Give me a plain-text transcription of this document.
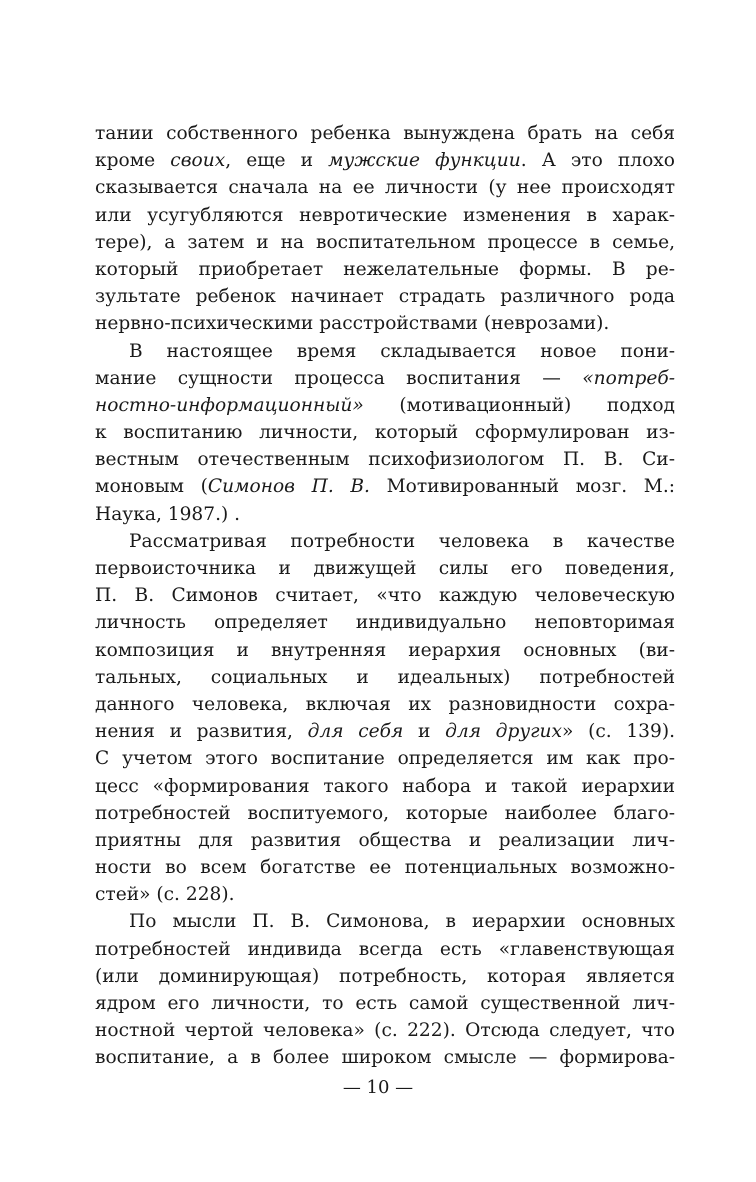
тании собственного ребенка вынуждена брать на себя
кроме своих, еще и мужские функции. А это плохо
сказывается сначала на ее личности (у нее происходят
или усугубляются невротические изменения в харак-
тере), а затем и на воспитательном процессе в семье,
который приобретает нежелательные формы. В ре-
зультате ребенок начинает страдать различного рода
нервно-психическими расстройствами (неврозами).
В настоящее время складывается новое пони-
мание сущности процесса воспитания — «потреб-
ностно-информационный» (мотивационный) подход
к воспитанию личности, который сформулирован из-
вестным отечественным психофизиологом П. В. Си-
моновым (Симонов П. В. Мотивированный мозг. М.:
Наука, 1987.) .
Рассматривая потребности человека в качестве
первоисточника и движущей силы его поведения,
П. В. Симонов считает, «что каждую человеческую
личность определяет индивидуально неповторимая
композиция и внутренняя иерархия основных (ви-
тальных, социальных и идеальных) потребностей
данного человека, включая их разновидности сохра-
нения и развития, для себя и для других» (с. 139).
С учетом этого воспитание определяется им как про-
цесс «формирования такого набора и такой иерархии
потребностей воспитуемого, которые наиболее благо-
приятны для развития общества и реализации лич-
ности во всем богатстве ее потенциальных возможно-
стей» (с. 228).
По мысли П. В. Симонова, в иерархии основных
потребностей индивида всегда есть «главенствующая
(или доминирующая) потребность, которая является
ядром его личности, то есть самой существенной лич-
ностной чертой человека» (с. 222). Отсюда следует, что
воспитание, а в более широком смысле — формирова-
— 10 —
